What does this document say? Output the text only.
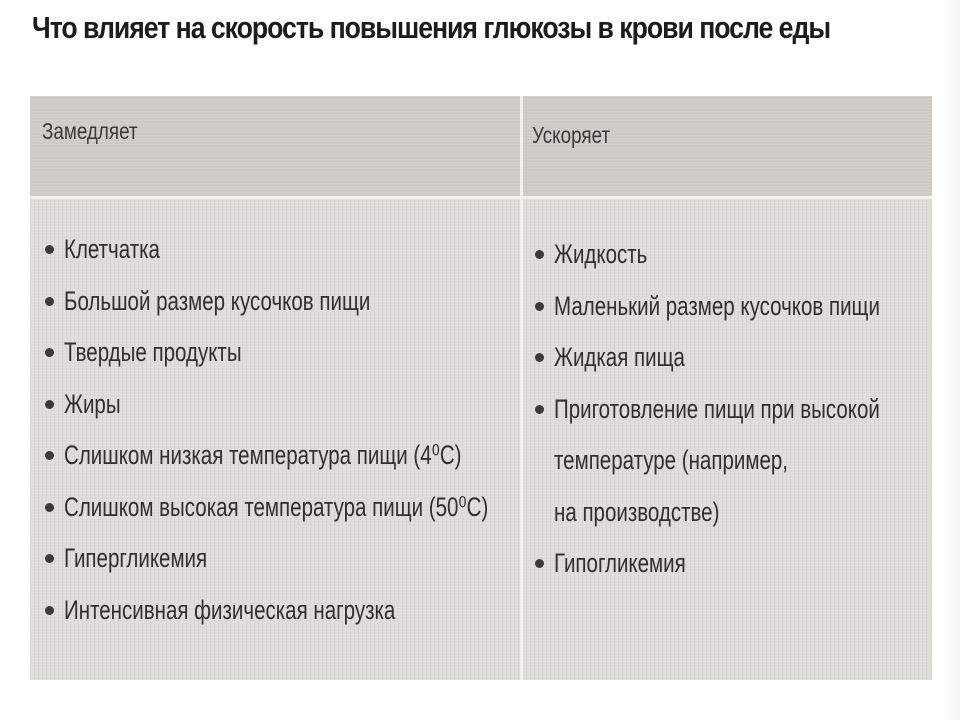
Что влияет на скорость повышения глюкозы в крови после еды
Замедляет	Ускоряет
Клетчатка
Большой размер кусочков пищи
Твердые продукты
Жиры
Слишком низкая температура пищи (4⁰С)
Слишком высокая температура пищи (50⁰С)
Гипергликемия
Интенсивная физическая нагрузка
Жидкость
Маленький размер кусочков пищи
Жидкая пища
Приготовление пищи при высокой
температуре (например,
на производстве)
Гипогликемия
